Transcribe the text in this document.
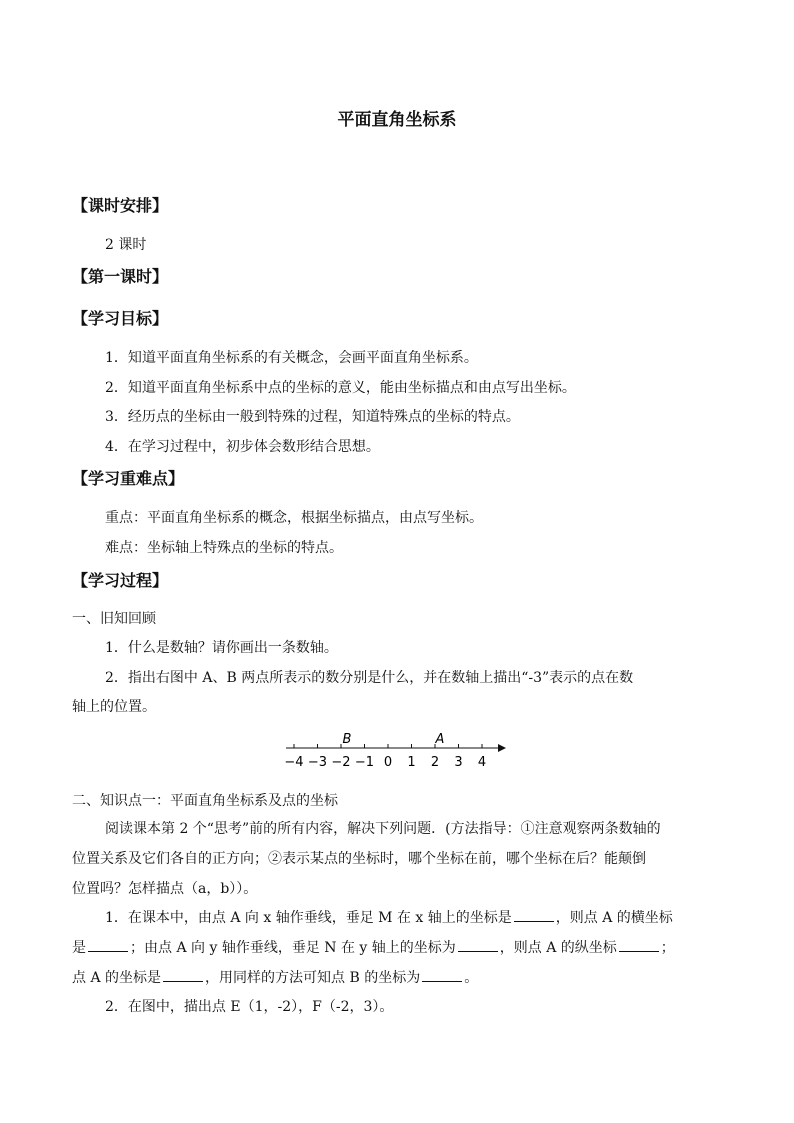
平面直角坐标系
【课时安排】
2 课时
【第一课时】
【学习目标】
1．知道平面直角坐标系的有关概念，会画平面直角坐标系。
2．知道平面直角坐标系中点的坐标的意义，能由坐标描点和由点写出坐标。
3．经历点的坐标由一般到特殊的过程，知道特殊点的坐标的特点。
4．在学习过程中，初步体会数形结合思想。
【学习重难点】
重点：平面直角坐标系的概念，根据坐标描点，由点写坐标。
难点：坐标轴上特殊点的坐标的特点。
【学习过程】
一、旧知回顾
1．什么是数轴？请你画出一条数轴。
2．指出右图中 A、B 两点所表示的数分别是什么，并在数轴上描出“-3”表示的点在数
轴上的位置。
−4 −3 −2 −1 0 1 2 3 4
B	A
二、知识点一：平面直角坐标系及点的坐标
阅读课本第 2 个“思考”前的所有内容，解决下列问题．(方法指导：①注意观察两条数轴的
位置关系及它们各自的正方向；②表示某点的坐标时，哪个坐标在前，哪个坐标在后？能颠倒
位置吗？怎样描点（a，b））。
1．在课本中，由点 A 向 x 轴作垂线，垂足 M 在 x 轴上的坐标是	，则点 A 的横坐标
是	；由点 A 向 y 轴作垂线，垂足 N 在 y 轴上的坐标为	，则点 A 的纵坐标	；
点 A 的坐标是	，用同样的方法可知点 B 的坐标为	。
2．在图中，描出点 E（1，-2），F（-2，3）。
